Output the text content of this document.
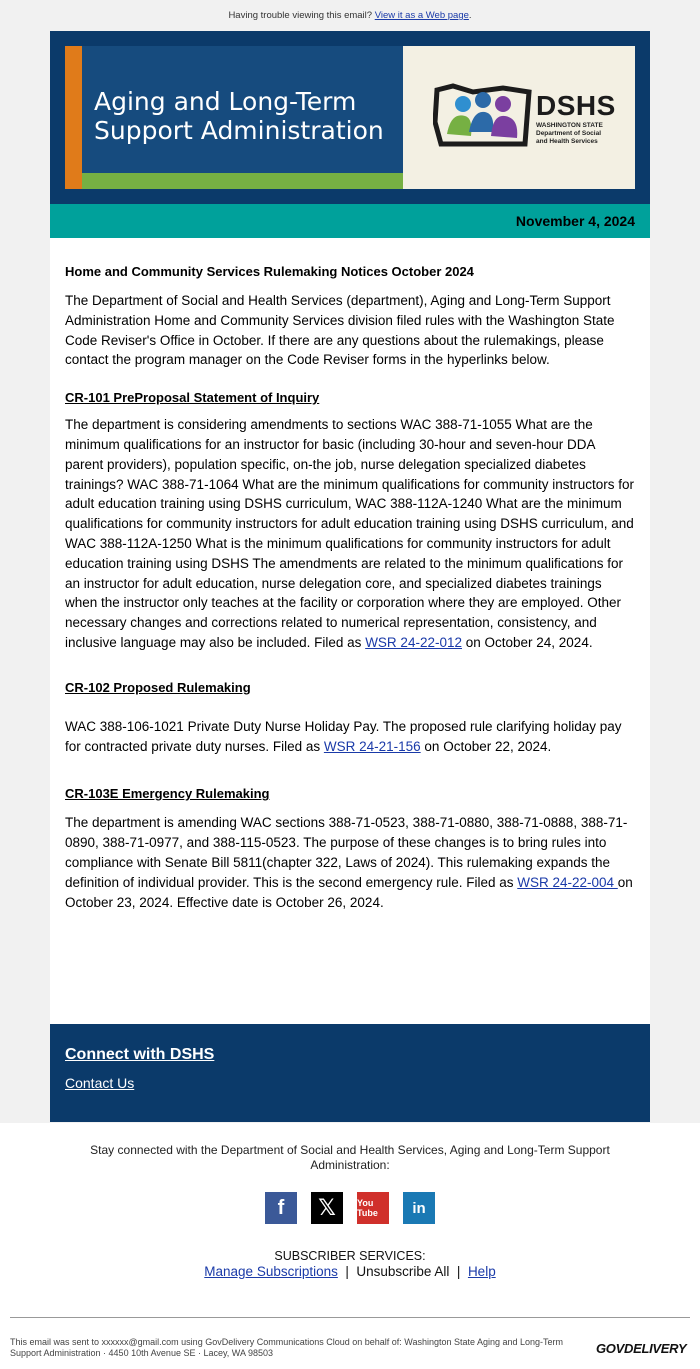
Having trouble viewing this email? View it as a Web page.
Aging and Long-Term
Support Administration
DSHS
WASHINGTON STATE
Department of Social
and Health Services
November 4, 2024
Home and Community Services Rulemaking Notices October 2024

The Department of Social and Health Services (department), Aging and Long-Term Support Administration Home and Community Services division filed rules with the Washington State Code Reviser's Office in October. If there are any questions about the rulemakings, please contact the program manager on the Code Reviser forms in the hyperlinks below.

CR-101 PreProposal Statement of Inquiry

The department is considering amendments to sections WAC 388-71-1055 What are the minimum qualifications for an instructor for basic (including 30-hour and seven-hour DDA parent providers), population specific, on-the job, nurse delegation specialized diabetes trainings? WAC 388-71-1064 What are the minimum qualifications for community instructors for adult education training using DSHS curriculum, WAC 388-112A-1240 What are the minimum qualifications for community instructors for adult education training using DSHS curriculum, and WAC 388-112A-1250 What is the minimum qualifications for community instructors for adult education training using DSHS The amendments are related to the minimum qualifications for an instructor for adult education, nurse delegation core, and specialized diabetes trainings when the instructor only teaches at the facility or corporation where they are employed. Other necessary changes and corrections related to numerical representation, consistency, and inclusive language may also be included. Filed as WSR 24-22-012 on October 24, 2024.

CR-102 Proposed Rulemaking

WAC 388-106-1021 Private Duty Nurse Holiday Pay. The proposed rule clarifying holiday pay for contracted private duty nurses. Filed as WSR 24-21-156 on October 22, 2024.

CR-103E Emergency Rulemaking

The department is amending WAC sections 388-71-0523, 388-71-0880, 388-71-0888, 388-71-0890, 388-71-0977, and 388-115-0523. The purpose of these changes is to bring rules into compliance with Senate Bill 5811(chapter 322, Laws of 2024). This rulemaking expands the definition of individual provider. This is the second emergency rule. Filed as WSR 24-22-004 on October 23, 2024. Effective date is October 26, 2024.

Connect with DSHS
Contact Us
Stay connected with the Department of Social and Health Services, Aging and Long-Term Support Administration:
f	𝕏	You Tube	in
SUBSCRIBER SERVICES:
Manage Subscriptions  |  Unsubscribe All  |  Help
This email was sent to xxxxxx@gmail.com using GovDelivery Communications Cloud on behalf of: Washington State Aging and Long-Term Support Administration · 4450 10th Avenue SE · Lacey, WA 98503	GOVDELIVERY
